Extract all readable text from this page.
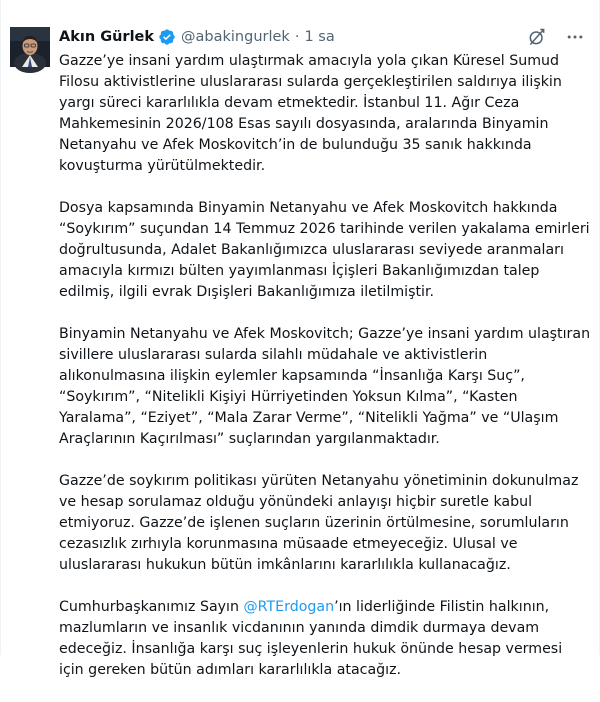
Akın Gürlek @abakingurlek · 1 sa

Gazze’ye insani yardım ulaştırmak amacıyla yola çıkan Küresel Sumud Filosu aktivistlerine uluslararası sularda gerçekleştirilen saldırıya ilişkin yargı süreci kararlılıkla devam etmektedir. İstanbul 11. Ağır Ceza Mahkemesinin 2026/108 Esas sayılı dosyasında, aralarında Binyamin Netanyahu ve Afek Moskovitch’in de bulunduğu 35 sanık hakkında kovuşturma yürütülmektedir.

Dosya kapsamında Binyamin Netanyahu ve Afek Moskovitch hakkında “Soykırım” suçundan 14 Temmuz 2026 tarihinde verilen yakalama emirleri doğrultusunda, Adalet Bakanlığımızca uluslararası seviyede aranmaları amacıyla kırmızı bülten yayımlanması İçişleri Bakanlığımızdan talep edilmiş, ilgili evrak Dışişleri Bakanlığımıza iletilmiştir.

Binyamin Netanyahu ve Afek Moskovitch; Gazze’ye insani yardım ulaştıran sivillere uluslararası sularda silahlı müdahale ve aktivistlerin alıkonulmasına ilişkin eylemler kapsamında “İnsanlığa Karşı Suç”, “Soykırım”, “Nitelikli Kişiyi Hürriyetinden Yoksun Kılma”, “Kasten Yaralama”, “Eziyet”, “Mala Zarar Verme”, “Nitelikli Yağma” ve “Ulaşım Araçlarının Kaçırılması” suçlarından yargılanmaktadır.

Gazze’de soykırım politikası yürüten Netanyahu yönetiminin dokunulmaz ve hesap sorulamaz olduğu yönündeki anlayışı hiçbir suretle kabul etmiyoruz. Gazze’de işlenen suçların üzerinin örtülmesine, sorumluların cezasızlık zırhıyla korunmasına müsaade etmeyeceğiz. Ulusal ve uluslararası hukukun bütün imkânlarını kararlılıkla kullanacağız.

Cumhurbaşkanımız Sayın @RTErdogan’ın liderliğinde Filistin halkının, mazlumların ve insanlık vicdanının yanında dimdik durmaya devam edeceğiz. İnsanlığa karşı suç işleyenlerin hukuk önünde hesap vermesi için gereken bütün adımları kararlılıkla atacağız.
